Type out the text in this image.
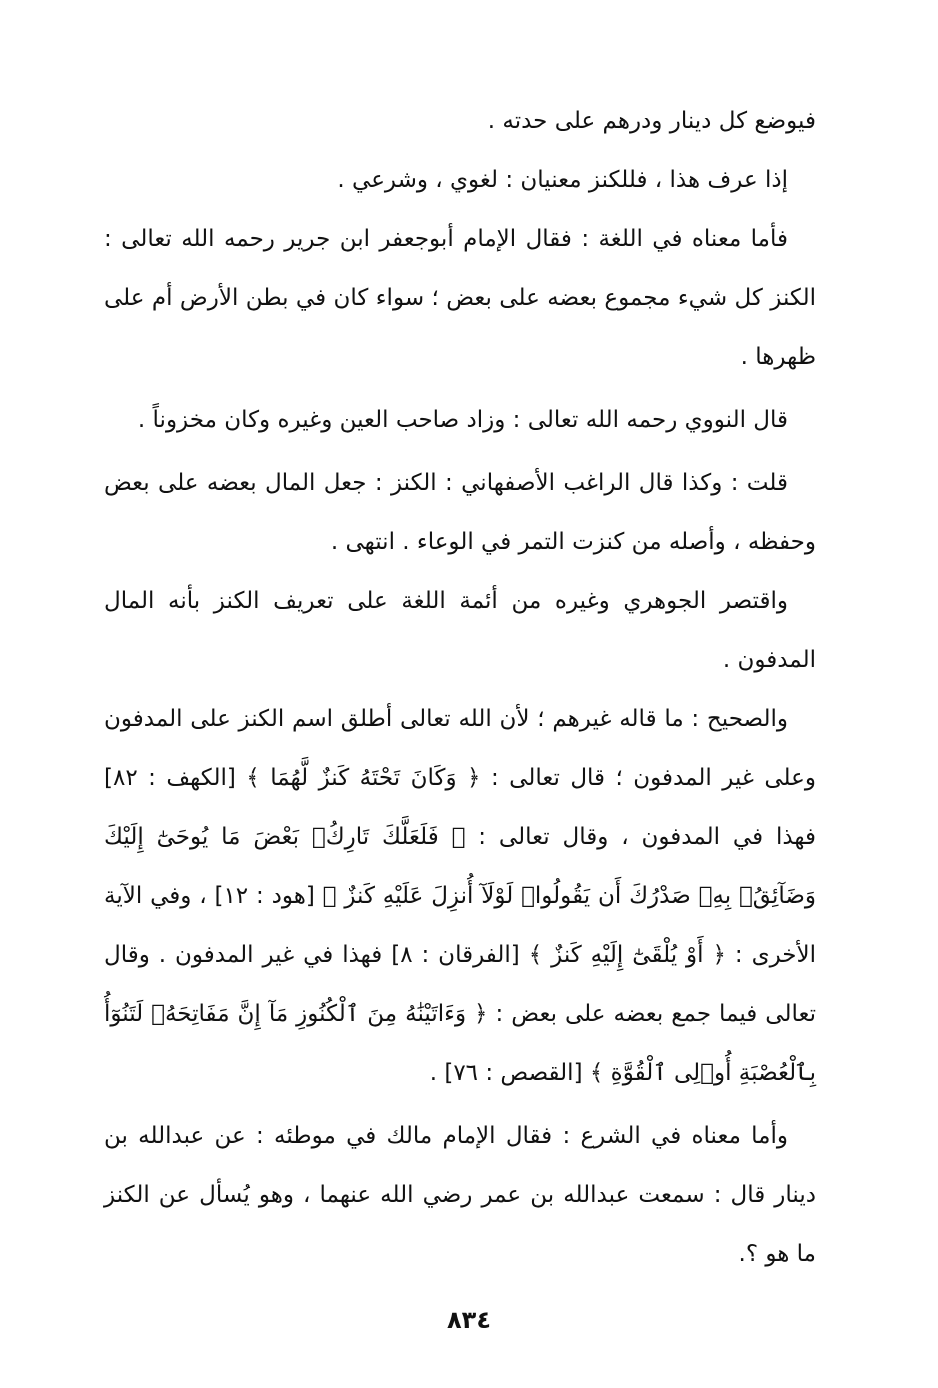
فيوضع كل دينار ودرهم على حدته .

إذا عرف هذا ، فللكنز معنيان : لغوي ، وشرعي .

فأما معناه في اللغة : فقال الإمام أبوجعفر ابن جرير رحمه الله تعالى : الكنز كل شيء مجموع بعضه على بعض ؛ سواء كان في بطن الأرض أم على ظهرها .

قال النووي رحمه الله تعالى : وزاد صاحب العين وغيره وكان مخزوناً .

قلت : وكذا قال الراغب الأصفهاني : الكنز : جعل المال بعضه على بعض وحفظه ، وأصله من كنزت التمر في الوعاء . انتهى .

واقتصر الجوهري وغيره من أئمة اللغة على تعريف الكنز بأنه المال المدفون .

والصحيح : ما قاله غيرهم ؛ لأن الله تعالى أطلق اسم الكنز على المدفون وعلى غير المدفون ؛ قال تعالى : ﴿ وَكَانَ تَحْتَهُ كَنزٌ لَّهُمَا ﴾ [الكهف : ٨٢] فهذا في المدفون ، وقال تعالى : ﴿ فَلَعَلَّكَ تَارِكُۢ بَعْضَ مَا يُوحَىٰٓ إِلَيْكَ وَضَآئِقُۢ بِهِۦ صَدْرُكَ أَن يَقُولُوا۟ لَوْلَآ أُنزِلَ عَلَيْهِ كَنزٌ ﴾ [هود : ١٢] ، وفي الآية الأخرى : ﴿ أَوْ يُلْقَىٰٓ إِلَيْهِ كَنزٌ ﴾ [الفرقان : ٨] فهذا في غير المدفون . وقال تعالى فيما جمع بعضه على بعض : ﴿ وَءَاتَيْنَٰهُ مِنَ ٱلْكُنُوزِ مَآ إِنَّ مَفَاتِحَهُۥ لَتَنُوٓأُ بِٱلْعُصْبَةِ أُو۟لِى ٱلْقُوَّةِ ﴾ [القصص : ٧٦] .

وأما معناه في الشرع : فقال الإمام مالك في موطئه : عن عبدالله بن دينار قال : سمعت عبدالله بن عمر رضي الله عنهما ، وهو يُسأل عن الكنز ما هو ؟.

٨٣٤
